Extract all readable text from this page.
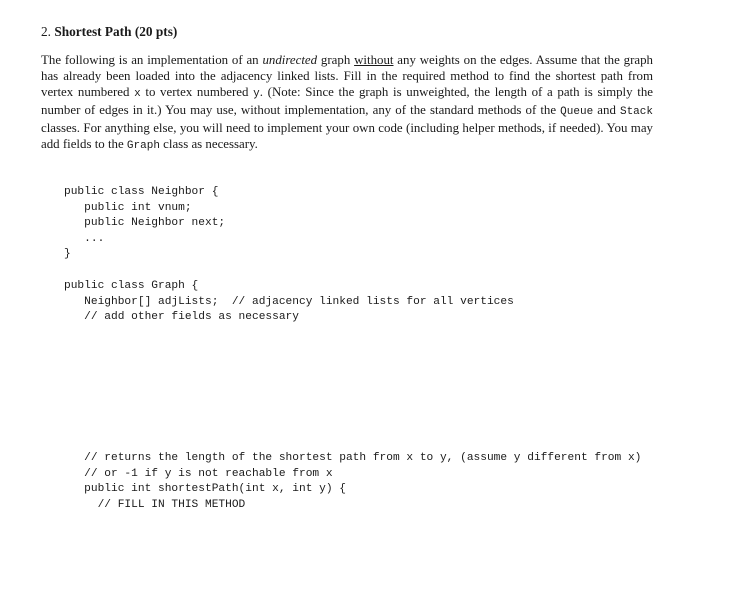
2. Shortest Path (20 pts)
The following is an implementation of an undirected graph without any weights on the edges. Assume that the graph has already been loaded into the adjacency linked lists. Fill in the required method to find the shortest path from vertex numbered x to vertex numbered y. (Note: Since the graph is unweighted, the length of a path is simply the number of edges in it.) You may use, without implementation, any of the standard methods of the Queue and Stack classes. For anything else, you will need to implement your own code (including helper methods, if needed). You may add fields to the Graph class as necessary.
public class Neighbor {
public int vnum;
public Neighbor next;
...
}
public class Graph {
Neighbor[] adjLists;  // adjacency linked lists for all vertices
// add other fields as necessary
// returns the length of the shortest path from x to y, (assume y different from x)
// or -1 if y is not reachable from x
public int shortestPath(int x, int y) {
// FILL IN THIS METHOD
